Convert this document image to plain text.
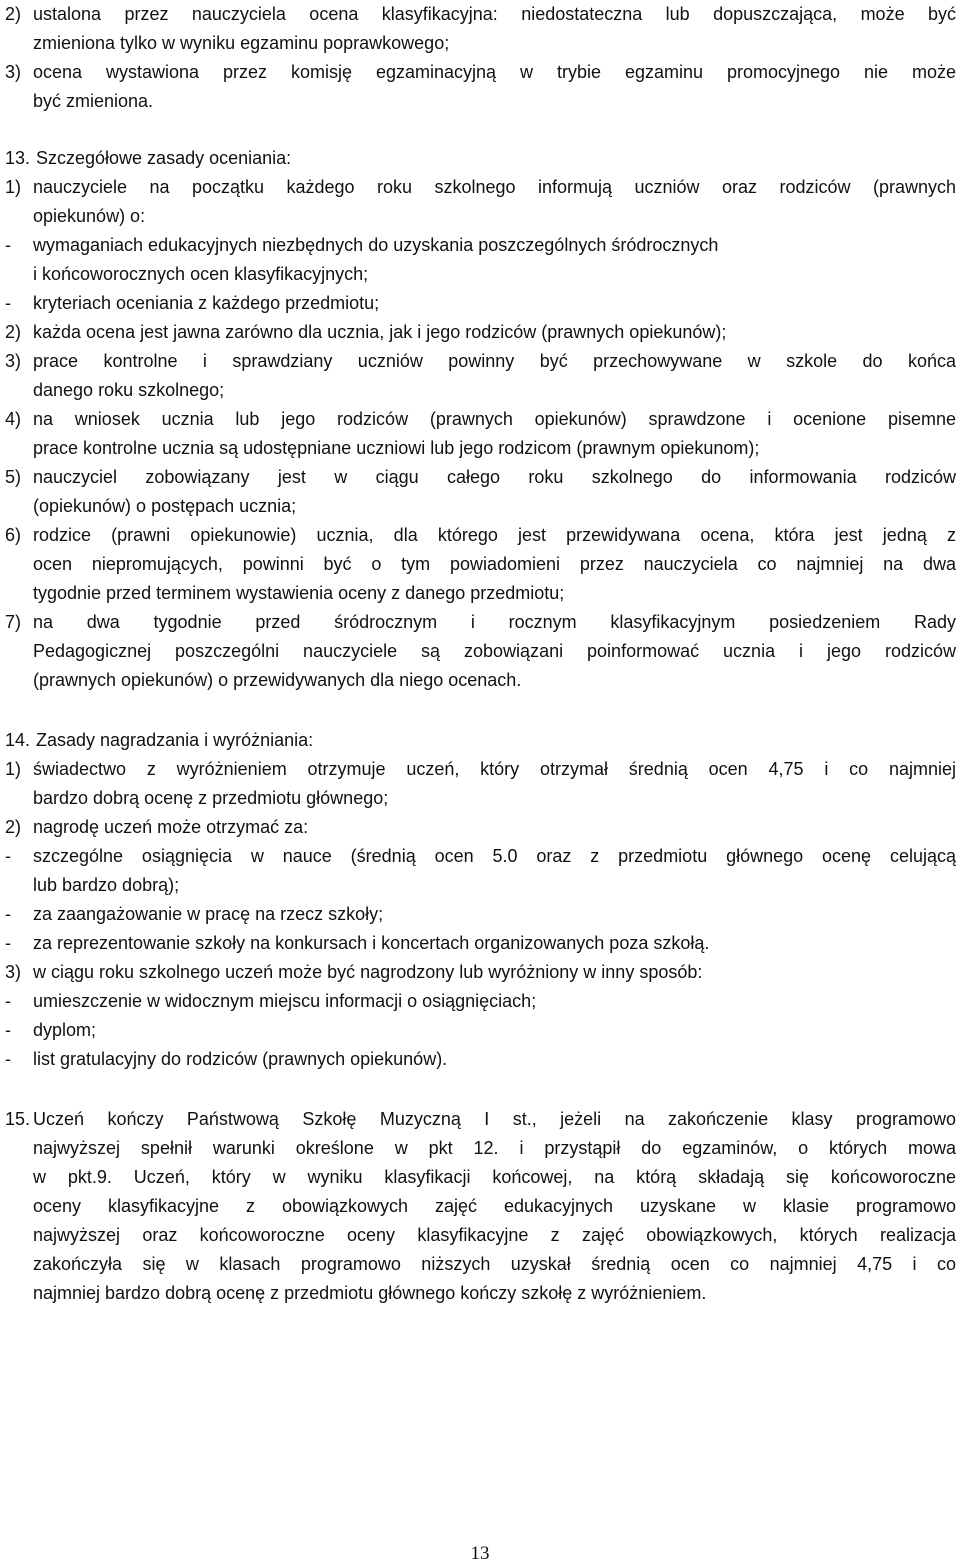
2) ustalona przez nauczyciela ocena klasyfikacyjna: niedostateczna lub dopuszczająca, może być
zmieniona tylko w wyniku egzaminu poprawkowego;
3) ocena wystawiona przez komisję egzaminacyjną w trybie egzaminu promocyjnego nie może
być zmieniona.
13. Szczegółowe zasady oceniania:
1) nauczyciele na początku każdego roku szkolnego informują uczniów oraz rodziców (prawnych
opiekunów) o:
- wymaganiach edukacyjnych niezbędnych do uzyskania poszczególnych śródrocznych
i końcoworocznych ocen klasyfikacyjnych;
- kryteriach oceniania z każdego przedmiotu;
2) każda ocena jest jawna zarówno dla ucznia, jak i jego rodziców (prawnych opiekunów);
3) prace kontrolne i sprawdziany uczniów powinny być przechowywane w szkole do końca
danego roku szkolnego;
4) na wniosek ucznia lub jego rodziców (prawnych opiekunów) sprawdzone i ocenione pisemne
prace kontrolne ucznia są udostępniane uczniowi lub jego rodzicom (prawnym opiekunom);
5) nauczyciel zobowiązany jest w ciągu całego roku szkolnego do informowania rodziców
(opiekunów) o postępach ucznia;
6) rodzice (prawni opiekunowie) ucznia, dla którego jest przewidywana ocena, która jest jedną z
ocen niepromujących, powinni być o tym powiadomieni przez nauczyciela co najmniej na dwa
tygodnie przed terminem wystawienia oceny z danego przedmiotu;
7) na dwa tygodnie przed śródrocznym i rocznym klasyfikacyjnym posiedzeniem Rady
Pedagogicznej poszczególni nauczyciele są zobowiązani poinformować ucznia i jego rodziców
(prawnych opiekunów) o przewidywanych dla niego ocenach.
14. Zasady nagradzania i wyróżniania:
1) świadectwo z wyróżnieniem otrzymuje uczeń, który otrzymał średnią ocen 4,75 i co najmniej
bardzo dobrą ocenę z przedmiotu głównego;
2) nagrodę uczeń może otrzymać za:
- szczególne osiągnięcia w nauce (średnią ocen 5.0 oraz z przedmiotu głównego ocenę celującą
lub bardzo dobrą);
- za zaangażowanie w pracę na rzecz szkoły;
- za reprezentowanie szkoły na konkursach i koncertach organizowanych poza szkołą.
3) w ciągu roku szkolnego uczeń może być nagrodzony lub wyróżniony w inny sposób:
- umieszczenie w widocznym miejscu informacji o osiągnięciach;
- dyplom;
- list gratulacyjny do rodziców (prawnych opiekunów).
15. Uczeń kończy Państwową Szkołę Muzyczną I st., jeżeli na zakończenie klasy programowo
najwyższej spełnił warunki określone w pkt 12. i przystąpił do egzaminów, o których mowa
w pkt.9. Uczeń, który w wyniku klasyfikacji końcowej, na którą składają się końcoworoczne
oceny klasyfikacyjne z obowiązkowych zajęć edukacyjnych uzyskane w klasie programowo
najwyższej oraz końcoworoczne oceny klasyfikacyjne z zajęć obowiązkowych, których realizacja
zakończyła się w klasach programowo niższych uzyskał średnią ocen co najmniej 4,75 i co
najmniej bardzo dobrą ocenę z przedmiotu głównego kończy szkołę z wyróżnieniem.
13
